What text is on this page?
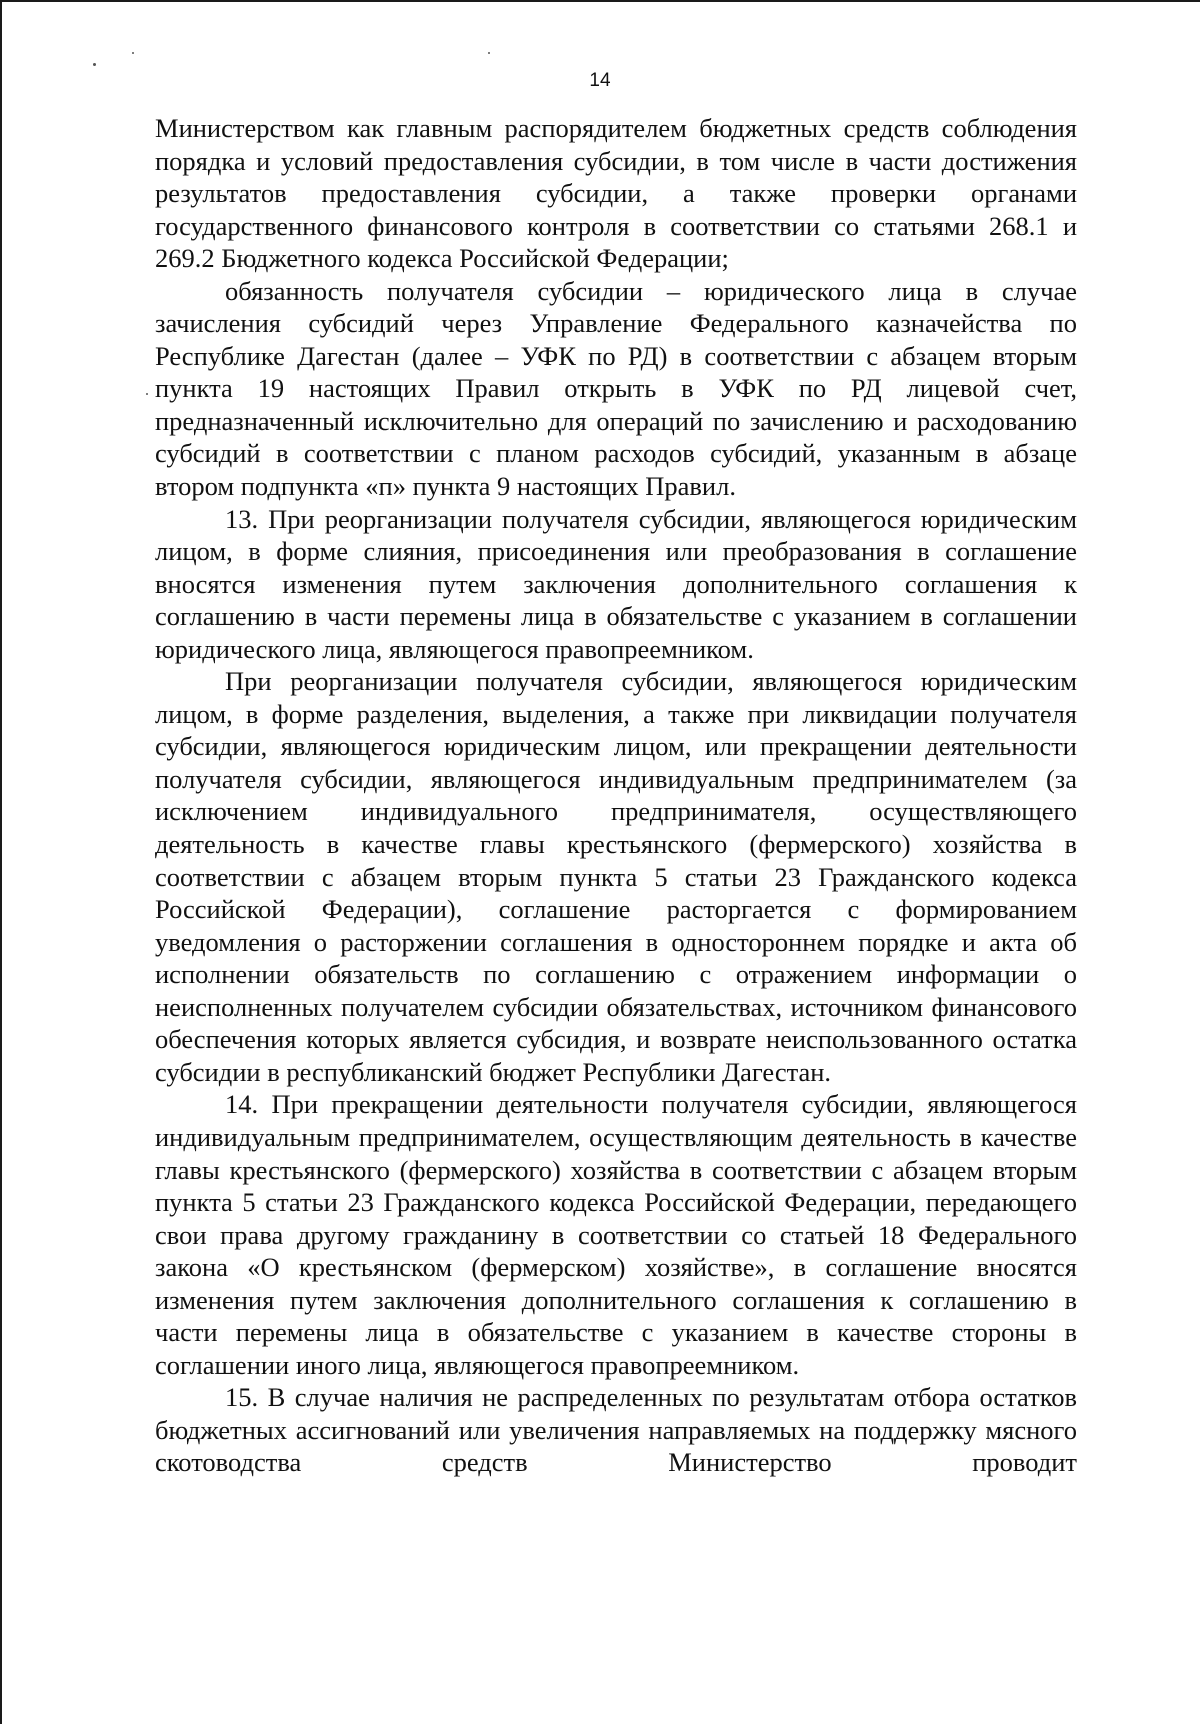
14

Министерством как главным распорядителем бюджетных средств соблюдения порядка и условий предоставления субсидии, в том числе в части достижения результатов предоставления субсидии, а также проверки органами государственного финансового контроля в соответствии со статьями 268.1 и 269.2 Бюджетного кодекса Российской Федерации;

обязанность получателя субсидии – юридического лица в случае зачисления субсидий через Управление Федерального казначейства по Республике Дагестан (далее – УФК по РД) в соответствии с абзацем вторым пункта 19 настоящих Правил открыть в УФК по РД лицевой счет, предназначенный исключительно для операций по зачислению и расходованию субсидий в соответствии с планом расходов субсидий, указанным в абзаце втором подпункта «п» пункта 9 настоящих Правил.

13. При реорганизации получателя субсидии, являющегося юридическим лицом, в форме слияния, присоединения или преобразования в соглашение вносятся изменения путем заключения дополнительного соглашения к соглашению в части перемены лица в обязательстве с указанием в соглашении юридического лица, являющегося правопреемником.

При реорганизации получателя субсидии, являющегося юридическим лицом, в форме разделения, выделения, а также при ликвидации получателя субсидии, являющегося юридическим лицом, или прекращении деятельности получателя субсидии, являющегося индивидуальным предпринимателем (за исключением индивидуального предпринимателя, осуществляющего деятельность в качестве главы крестьянского (фермерского) хозяйства в соответствии с абзацем вторым пункта 5 статьи 23 Гражданского кодекса Российской Федерации), соглашение расторгается с формированием уведомления о расторжении соглашения в одностороннем порядке и акта об исполнении обязательств по соглашению с отражением информации о неисполненных получателем субсидии обязательствах, источником финансового обеспечения которых является субсидия, и возврате неиспользованного остатка субсидии в республиканский бюджет Республики Дагестан.

14. При прекращении деятельности получателя субсидии, являющегося индивидуальным предпринимателем, осуществляющим деятельность в качестве главы крестьянского (фермерского) хозяйства в соответствии с абзацем вторым пункта 5 статьи 23 Гражданского кодекса Российской Федерации, передающего свои права другому гражданину в соответствии со статьей 18 Федерального закона «О крестьянском (фермерском) хозяйстве», в соглашение вносятся изменения путем заключения дополнительного соглашения к соглашению в части перемены лица в обязательстве с указанием в качестве стороны в соглашении иного лица, являющегося правопреемником.

15. В случае наличия не распределенных по результатам отбора остатков бюджетных ассигнований или увеличения направляемых на поддержку мясного скотоводства средств Министерство проводит
